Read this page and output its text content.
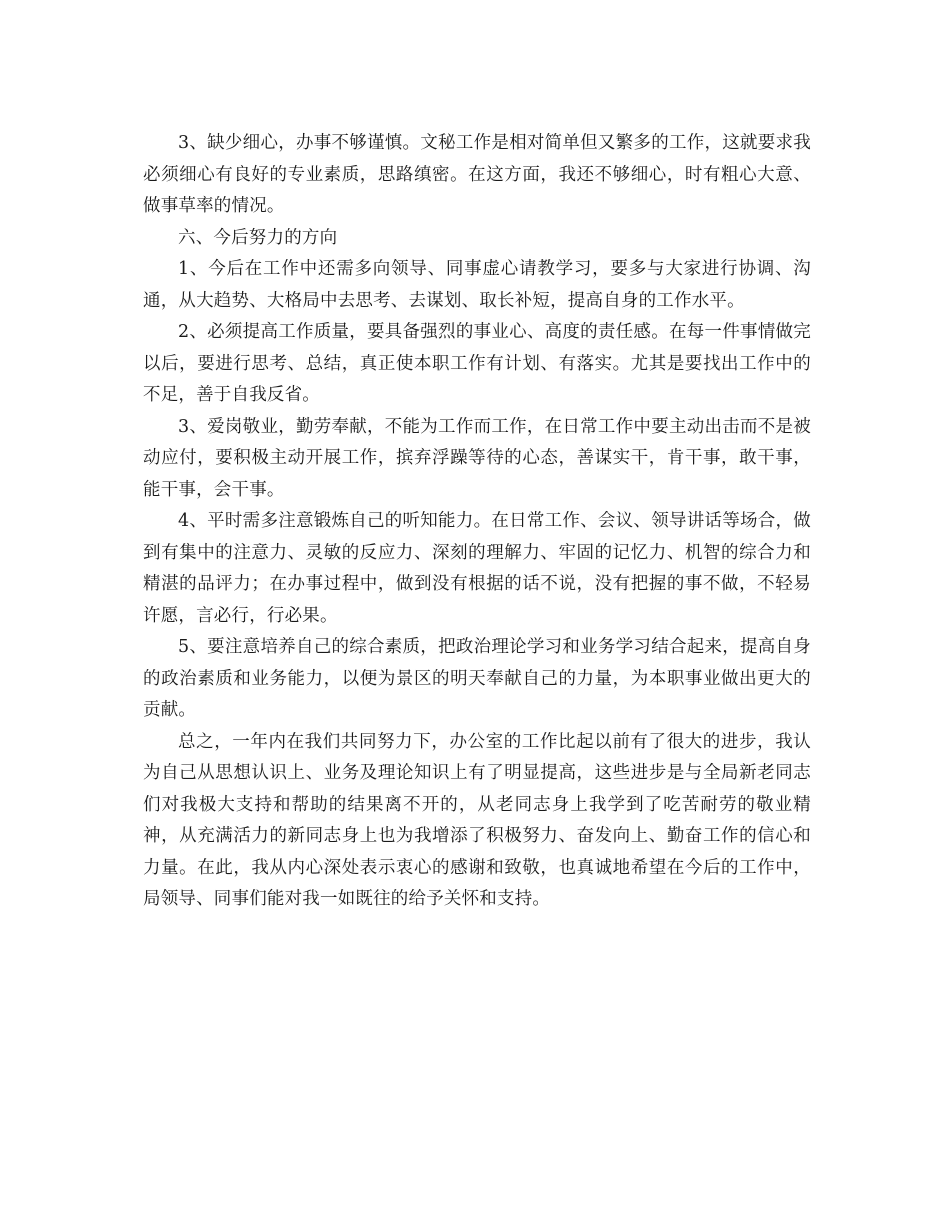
3、缺少细心，办事不够谨慎。文秘工作是相对简单但又繁多的工作，这就要求我必须细心有良好的专业素质，思路缜密。在这方面，我还不够细心，时有粗心大意、做事草率的情况。

六、今后努力的方向

1、今后在工作中还需多向领导、同事虚心请教学习，要多与大家进行协调、沟通，从大趋势、大格局中去思考、去谋划、取长补短，提高自身的工作水平。

2、必须提高工作质量，要具备强烈的事业心、高度的责任感。在每一件事情做完以后，要进行思考、总结，真正使本职工作有计划、有落实。尤其是要找出工作中的不足，善于自我反省。

3、爱岗敬业，勤劳奉献，不能为工作而工作，在日常工作中要主动出击而不是被动应付，要积极主动开展工作，摈弃浮躁等待的心态，善谋实干，肯干事，敢干事，能干事，会干事。

4、平时需多注意锻炼自己的听知能力。在日常工作、会议、领导讲话等场合，做到有集中的注意力、灵敏的反应力、深刻的理解力、牢固的记忆力、机智的综合力和精湛的品评力；在办事过程中，做到没有根据的话不说，没有把握的事不做，不轻易许愿，言必行，行必果。

5、要注意培养自己的综合素质，把政治理论学习和业务学习结合起来，提高自身的政治素质和业务能力，以便为景区的明天奉献自己的力量，为本职事业做出更大的贡献。

总之，一年内在我们共同努力下，办公室的工作比起以前有了很大的进步，我认为自己从思想认识上、业务及理论知识上有了明显提高，这些进步是与全局新老同志们对我极大支持和帮助的结果离不开的，从老同志身上我学到了吃苦耐劳的敬业精神，从充满活力的新同志身上也为我增添了积极努力、奋发向上、勤奋工作的信心和力量。在此，我从内心深处表示衷心的感谢和致敬，也真诚地希望在今后的工作中，局领导、同事们能对我一如既往的给予关怀和支持。
